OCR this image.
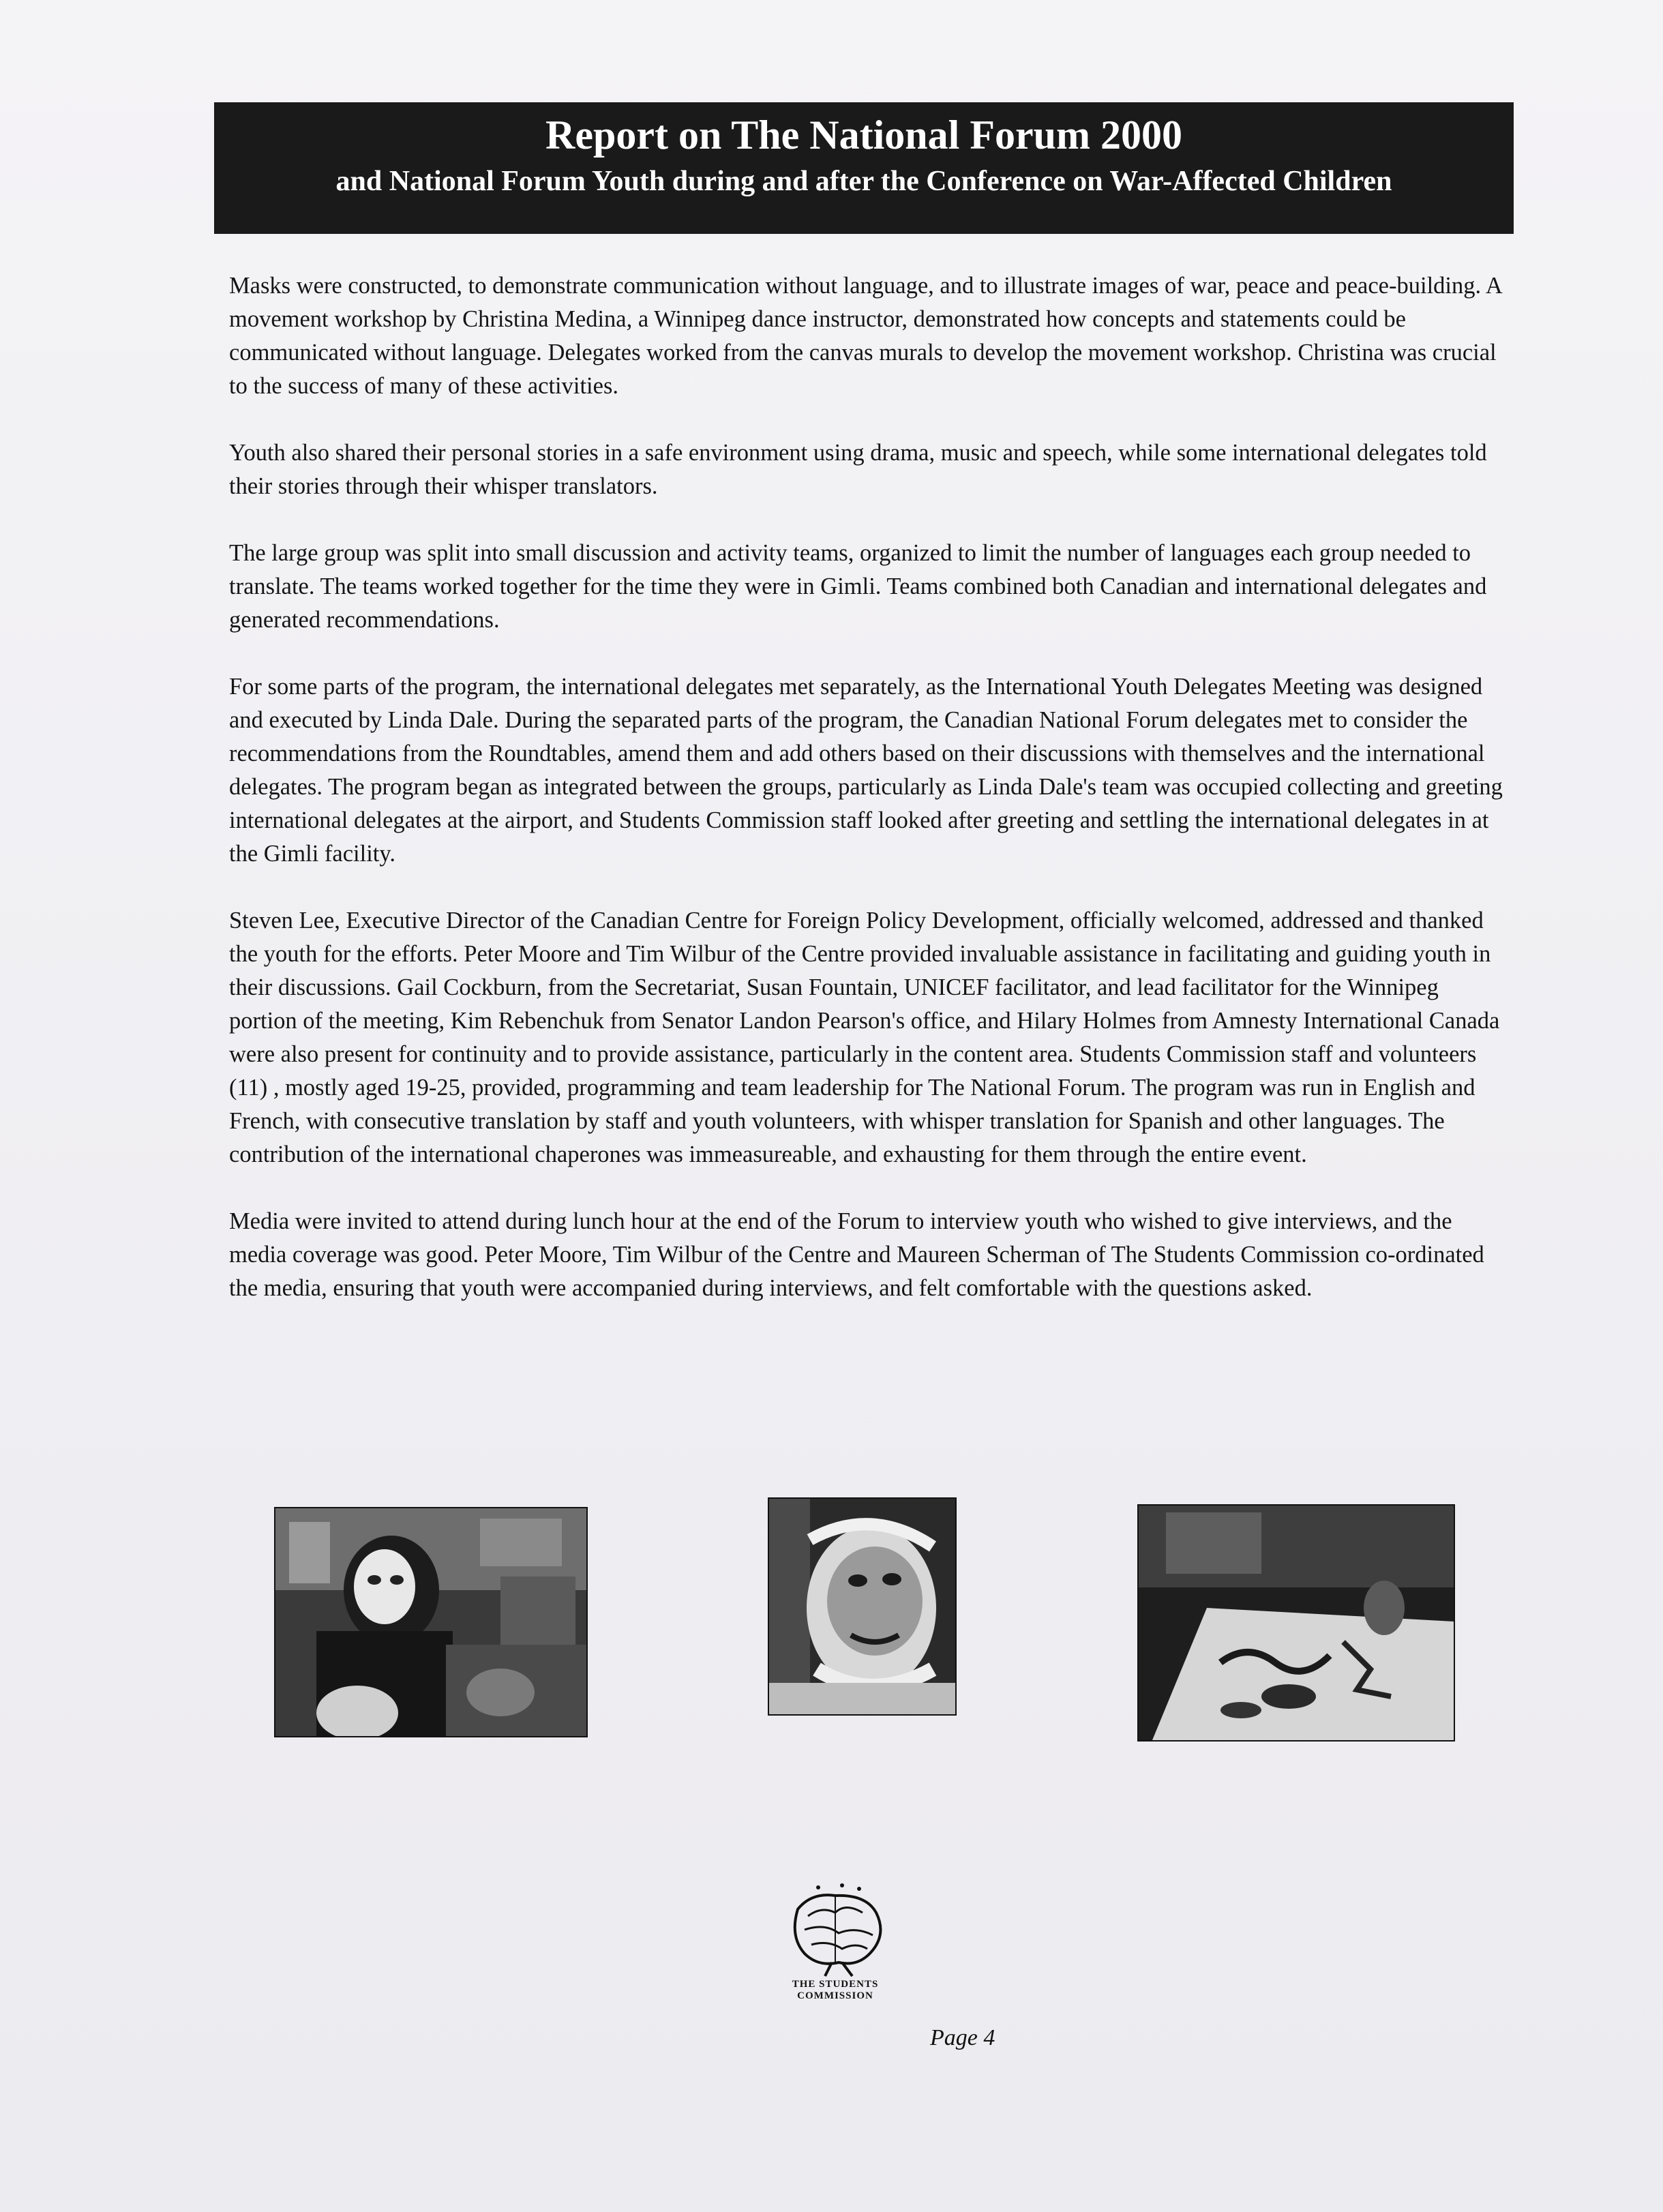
Report on The National Forum 2000

and National Forum Youth during and after the Conference on War-Affected Children

Masks were constructed, to demonstrate communication without language, and to illustrate images of war, peace and peace-building. A movement workshop by Christina Medina, a Winnipeg dance instructor, demonstrated how concepts and statements could be communicated without language. Delegates worked from the canvas murals to develop the movement workshop. Christina was crucial to the success of many of these activities.

Youth also shared their personal stories in a safe environment using drama, music and speech, while some international delegates told their stories through their whisper translators.

The large group was split into small discussion and activity teams, organized to limit the number of languages each group needed to translate. The teams worked together for the time they were in Gimli. Teams combined both Canadian and international delegates and generated recommendations.

For some parts of the program, the international delegates met separately, as the International Youth Delegates Meeting was designed and executed by Linda Dale. During the separated parts of the program, the Canadian National Forum delegates met to consider the recommendations from the Roundtables, amend them and add others based on their discussions with themselves and the international delegates. The program began as integrated between the groups, particularly as Linda Dale's team was occupied collecting and greeting international delegates at the airport, and Students Commission staff looked after greeting and settling the international delegates in at the Gimli facility.

Steven Lee, Executive Director of the Canadian Centre for Foreign Policy Development, officially welcomed, addressed and thanked the youth for the efforts. Peter Moore and Tim Wilbur of the Centre provided invaluable assistance in facilitating and guiding youth in their discussions. Gail Cockburn, from the Secretariat, Susan Fountain, UNICEF facilitator, and lead facilitator for the Winnipeg portion of the meeting, Kim Rebenchuk from Senator Landon Pearson's office, and Hilary Holmes from Amnesty International Canada were also present for continuity and to provide assistance, particularly in the content area. Students Commission staff and volunteers (11) , mostly aged 19-25, provided, programming and team leadership for The National Forum. The program was run in English and French, with consecutive translation by staff and youth volunteers, with whisper translation for Spanish and other languages. The contribution of the international chaperones was immeasureable, and exhausting for them through the entire event.

Media were invited to attend during lunch hour at the end of the Forum to interview youth who wished to give interviews, and the media coverage was good. Peter Moore, Tim Wilbur of the Centre and Maureen Scherman of The Students Commission co-ordinated the media, ensuring that youth were accompanied during interviews, and felt comfortable with the questions asked.

THE STUDENTS
COMMISSION
Page 4
